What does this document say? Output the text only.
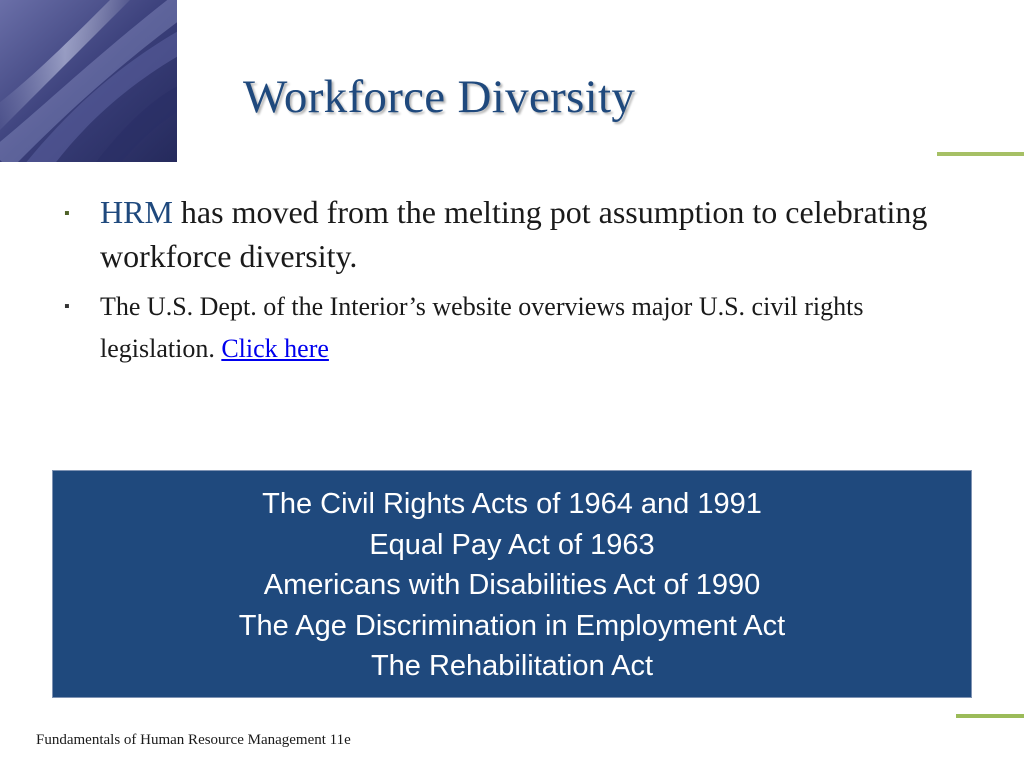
Workforce Diversity
▪ HRM has moved from the melting pot assumption to celebrating workforce diversity.
▪ The U.S. Dept. of the Interior’s website overviews major U.S. civil rights legislation. Click here
The Civil Rights Acts of 1964 and 1991
Equal Pay Act of 1963
Americans with Disabilities Act of 1990
The Age Discrimination in Employment Act
The Rehabilitation Act
Fundamentals of Human Resource Management 11e
